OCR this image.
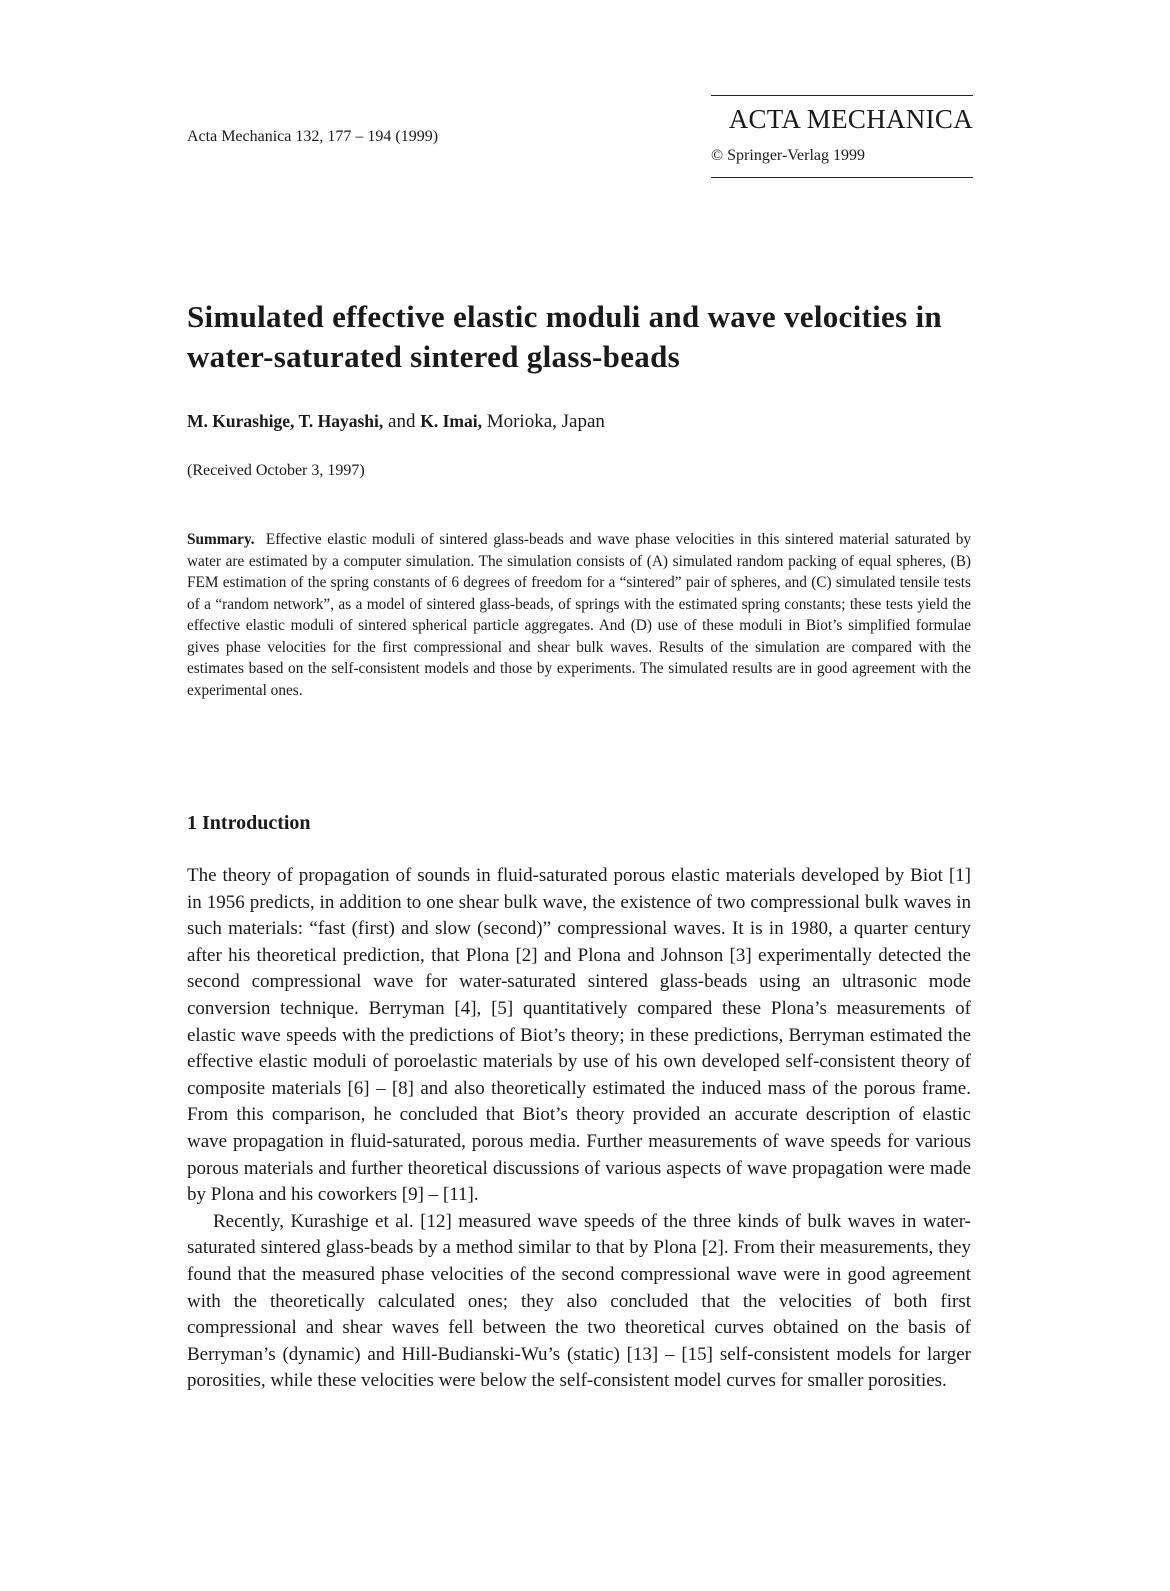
Acta Mechanica 132, 177 – 194 (1999)
ACTA MECHANICA
© Springer-Verlag 1999
Simulated effective elastic moduli and wave velocities in water-saturated sintered glass-beads
M. Kurashige, T. Hayashi, and K. Imai, Morioka, Japan
(Received October 3, 1997)
Summary. Effective elastic moduli of sintered glass-beads and wave phase velocities in this sintered material saturated by water are estimated by a computer simulation. The simulation consists of (A) simulated random packing of equal spheres, (B) FEM estimation of the spring constants of 6 degrees of freedom for a “sintered” pair of spheres, and (C) simulated tensile tests of a “random network”, as a model of sintered glass-beads, of springs with the estimated spring constants; these tests yield the effective elastic moduli of sintered spherical particle aggregates. And (D) use of these moduli in Biot’s simplified formulae gives phase velocities for the first compressional and shear bulk waves. Results of the simulation are compared with the estimates based on the self-consistent models and those by experiments. The simulated results are in good agreement with the experimental ones.
1 Introduction

The theory of propagation of sounds in fluid-saturated porous elastic materials developed by Biot [1] in 1956 predicts, in addition to one shear bulk wave, the existence of two compressional bulk waves in such materials: “fast (first) and slow (second)” compressional waves. It is in 1980, a quarter century after his theoretical prediction, that Plona [2] and Plona and Johnson [3] experimentally detected the second compressional wave for water-saturated sintered glass-beads using an ultrasonic mode conversion technique. Berryman [4], [5] quantitatively compared these Plona’s measurements of elastic wave speeds with the predictions of Biot’s theory; in these predictions, Berryman estimated the effective elastic moduli of poroelastic materials by use of his own developed self-consistent theory of composite materials [6] – [8] and also theoretically estimated the induced mass of the porous frame. From this comparison, he concluded that Biot’s theory provided an accurate description of elastic wave propagation in fluid-saturated, porous media. Further measurements of wave speeds for various porous materials and further theoretical discussions of various aspects of wave propagation were made by Plona and his coworkers [9] – [11].

Recently, Kurashige et al. [12] measured wave speeds of the three kinds of bulk waves in water-saturated sintered glass-beads by a method similar to that by Plona [2]. From their measurements, they found that the measured phase velocities of the second compressional wave were in good agreement with the theoretically calculated ones; they also concluded that the velocities of both first compressional and shear waves fell between the two theoretical curves obtained on the basis of Berryman’s (dynamic) and Hill-Budianski-Wu’s (static) [13] – [15] self-consistent models for larger porosities, while these velocities were below the self-consistent model curves for smaller porosities.
